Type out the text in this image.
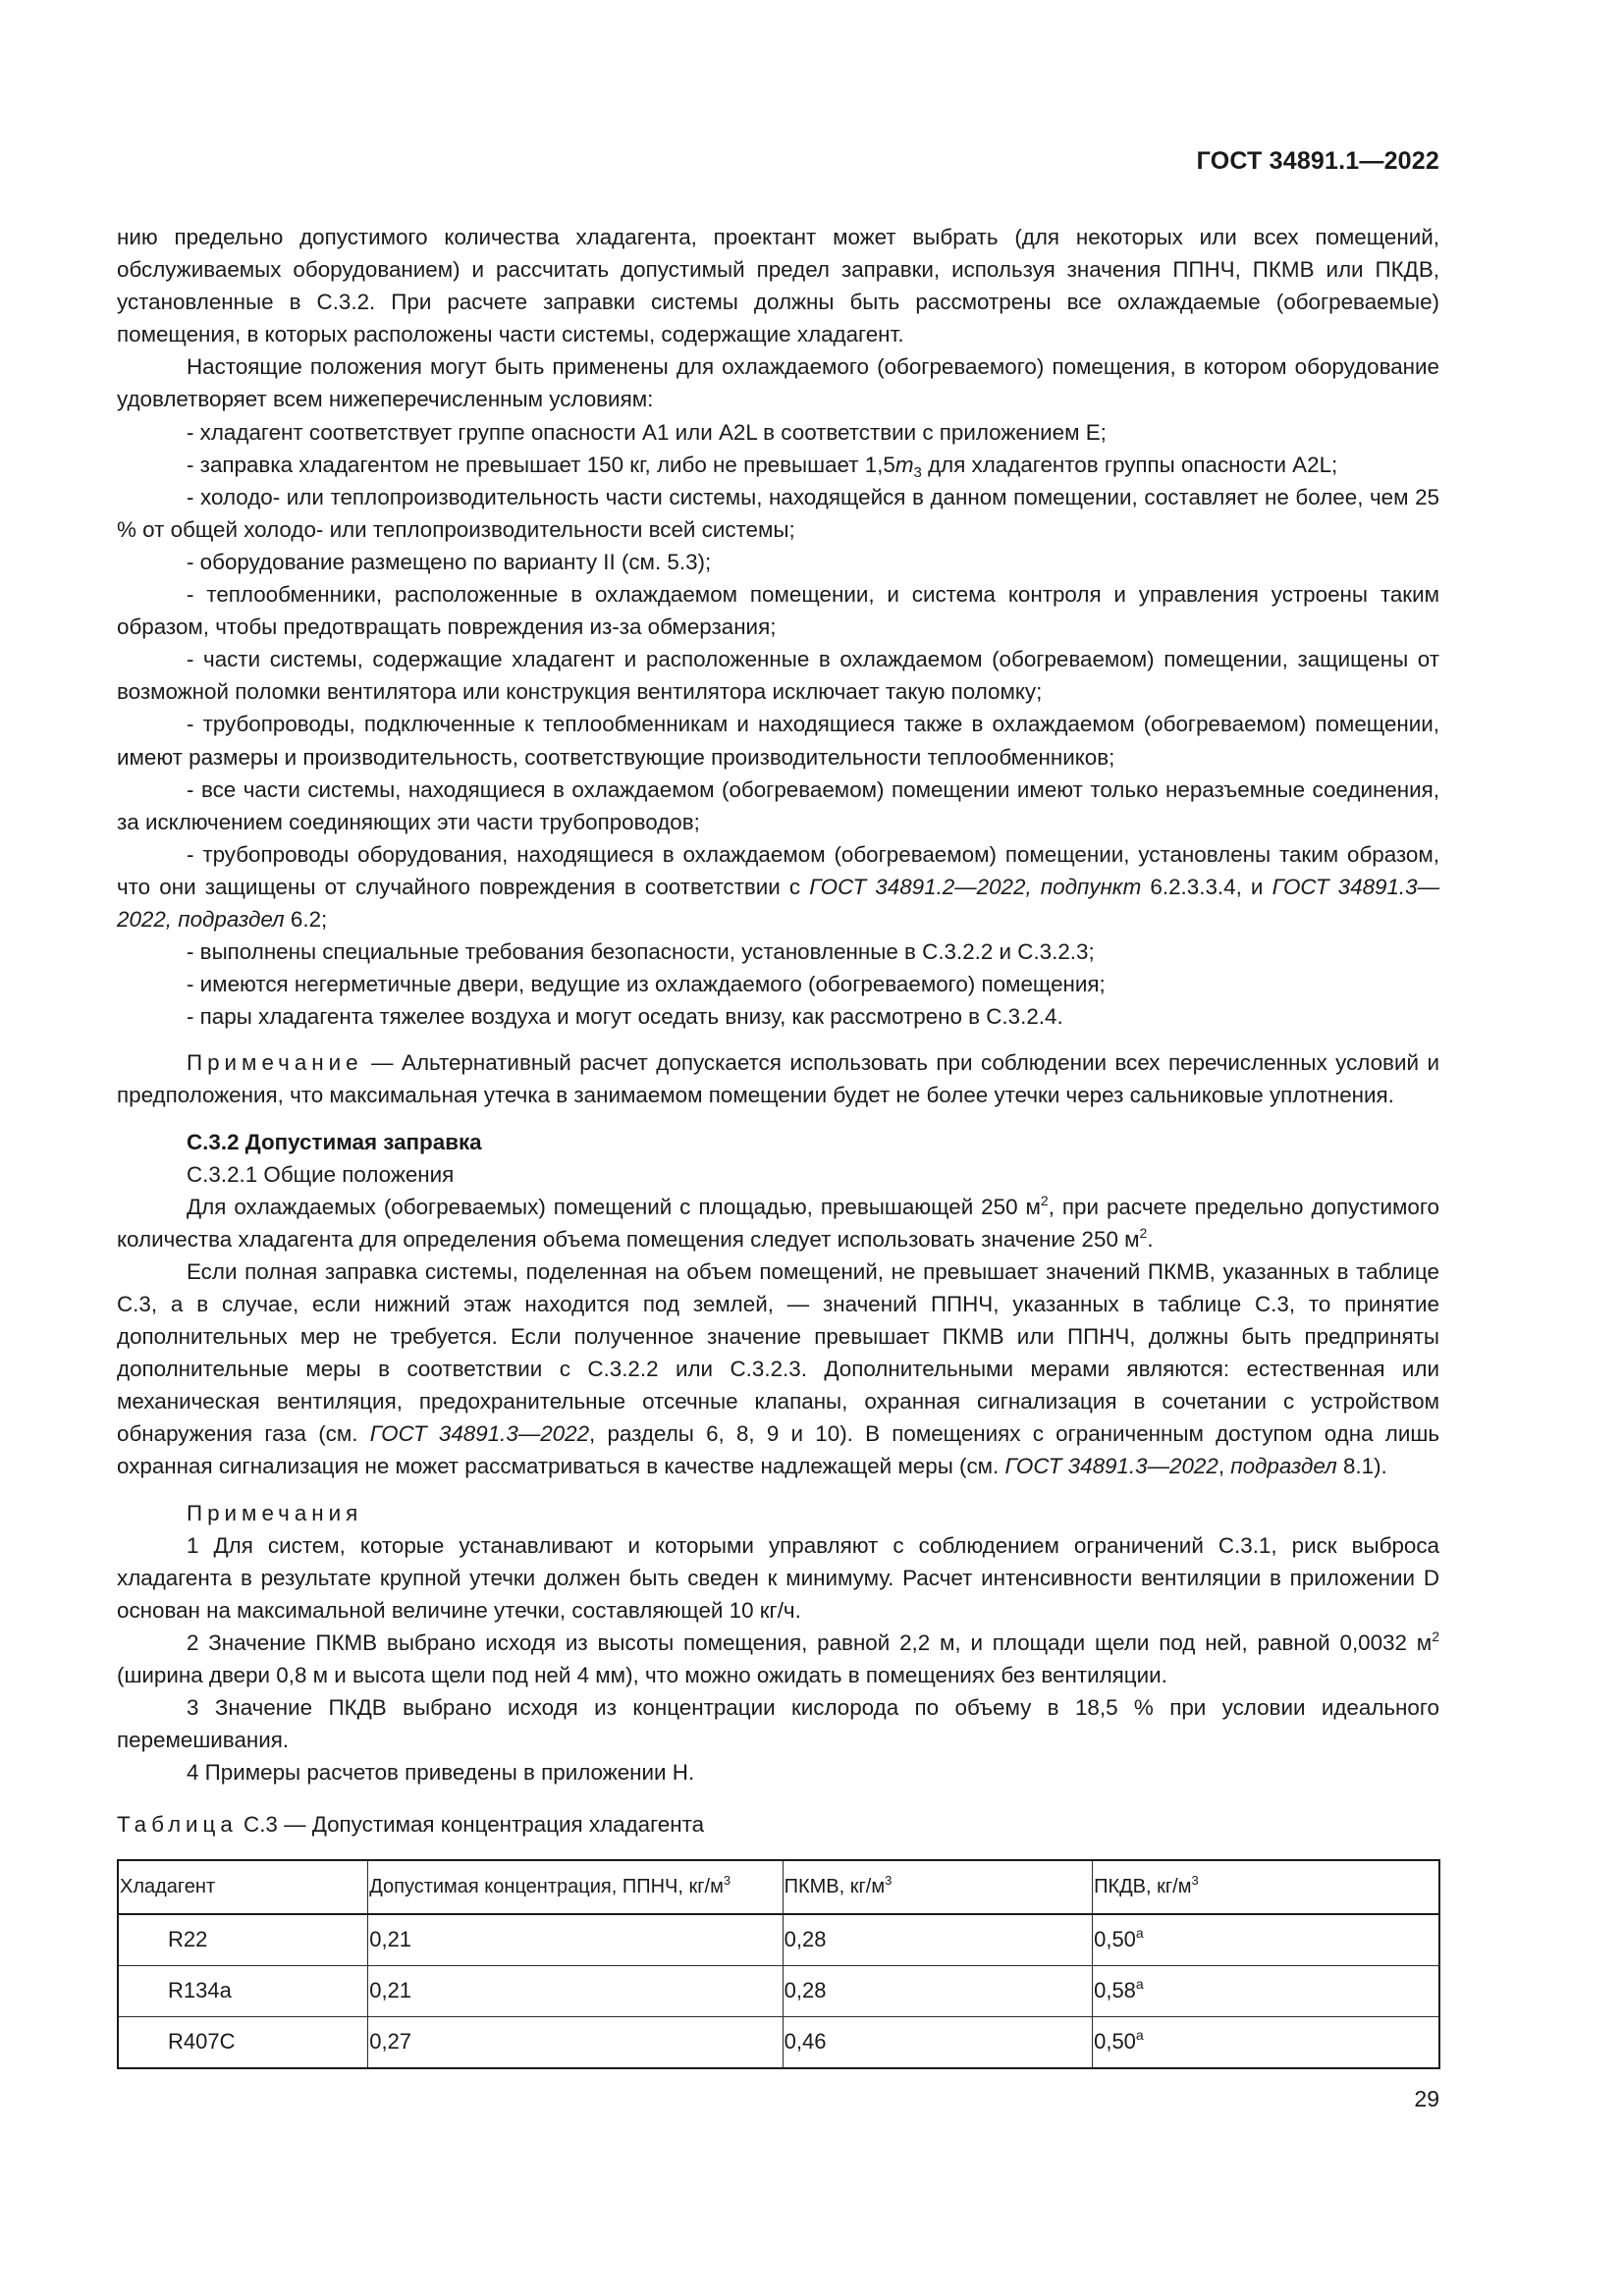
ГОСТ 34891.1—2022

нию предельно допустимого количества хладагента, проектант может выбрать (для некоторых или всех помещений, обслуживаемых оборудованием) и рассчитать допустимый предел заправки, используя значения ППНЧ, ПКМВ или ПКДВ, установленные в С.3.2. При расчете заправки системы должны быть рассмотрены все охлаждаемые (обогреваемые) помещения, в которых расположены части системы, содержащие хладагент.

Настоящие положения могут быть применены для охлаждаемого (обогреваемого) помещения, в котором оборудование удовлетворяет всем нижеперечисленным условиям:

- хладагент соответствует группе опасности А1 или А2L в соответствии с приложением Е;

- заправка хладагентом не превышает 150 кг, либо не превышает $1,5m_3$ для хладагентов группы опасности А2L;

- холодо- или теплопроизводительность части системы, находящейся в данном помещении, составляет не более, чем 25 % от общей холодо- или теплопроизводительности всей системы;

- оборудование размещено по варианту II (см. 5.3);

- теплообменники, расположенные в охлаждаемом помещении, и система контроля и управления устроены таким образом, чтобы предотвращать повреждения из-за обмерзания;

- части системы, содержащие хладагент и расположенные в охлаждаемом (обогреваемом) помещении, защищены от возможной поломки вентилятора или конструкция вентилятора исключает такую поломку;

- трубопроводы, подключенные к теплообменникам и находящиеся также в охлаждаемом (обогреваемом) помещении, имеют размеры и производительность, соответствующие производительности теплообменников;

- все части системы, находящиеся в охлаждаемом (обогреваемом) помещении имеют только неразъемные соединения, за исключением соединяющих эти части трубопроводов;

- трубопроводы оборудования, находящиеся в охлаждаемом (обогреваемом) помещении, установлены таким образом, что они защищены от случайного повреждения в соответствии с ГОСТ 34891.2—2022, подпункт 6.2.3.3.4, и ГОСТ 34891.3—2022, подраздел 6.2;

- выполнены специальные требования безопасности, установленные в С.3.2.2 и С.3.2.3;

- имеются негерметичные двери, ведущие из охлаждаемого (обогреваемого) помещения;

- пары хладагента тяжелее воздуха и могут оседать внизу, как рассмотрено в С.3.2.4.

Примечание — Альтернативный расчет допускается использовать при соблюдении всех перечисленных условий и предположения, что максимальная утечка в занимаемом помещении будет не более утечки через сальниковые уплотнения.

С.3.2 Допустимая заправка

С.3.2.1 Общие положения

Для охлаждаемых (обогреваемых) помещений с площадью, превышающей 250 $м^2$, при расчете предельно допустимого количества хладагента для определения объема помещения следует использовать значение 250 $м^2$.

Если полная заправка системы, поделенная на объем помещений, не превышает значений ПКМВ, указанных в таблице С.3, а в случае, если нижний этаж находится под землей, — значений ППНЧ, указанных в таблице С.3, то принятие дополнительных мер не требуется. Если полученное значение превышает ПКМВ или ППНЧ, должны быть предприняты дополнительные меры в соответствии с С.3.2.2 или С.3.2.3. Дополнительными мерами являются: естественная или механическая вентиляция, предохранительные отсечные клапаны, охранная сигнализация в сочетании с устройством обнаружения газа (см. ГОСТ 34891.3—2022, разделы 6, 8, 9 и 10). В помещениях с ограниченным доступом одна лишь охранная сигнализация не может рассматриваться в качестве надлежащей меры (см. ГОСТ 34891.3—2022, подраздел 8.1).

Примечания

1 Для систем, которые устанавливают и которыми управляют с соблюдением ограничений С.3.1, риск выброса хладагента в результате крупной утечки должен быть сведен к минимуму. Расчет интенсивности вентиляции в приложении D основан на максимальной величине утечки, составляющей 10 кг/ч.

2 Значение ПКМВ выбрано исходя из высоты помещения, равной 2,2 м, и площади щели под ней, равной 0,0032 $м^2$ (ширина двери 0,8 м и высота щели под ней 4 мм), что можно ожидать в помещениях без вентиляции.

3 Значение ПКДВ выбрано исходя из концентрации кислорода по объему в 18,5 % при условии идеального перемешивания.

4 Примеры расчетов приведены в приложении Н.

Таблица С.3 — Допустимая концентрация хладагента

Хладагент	Допустимая концентрация, ППНЧ, $кг/м^3$	ПКМВ, $кг/м^3$	ПКДВ, $кг/м^3$
R22	0,21	0,28	0,50$^a$
R134a	0,21	0,28	0,58$^a$
R407C	0,27	0,46	0,50$^a$
29
